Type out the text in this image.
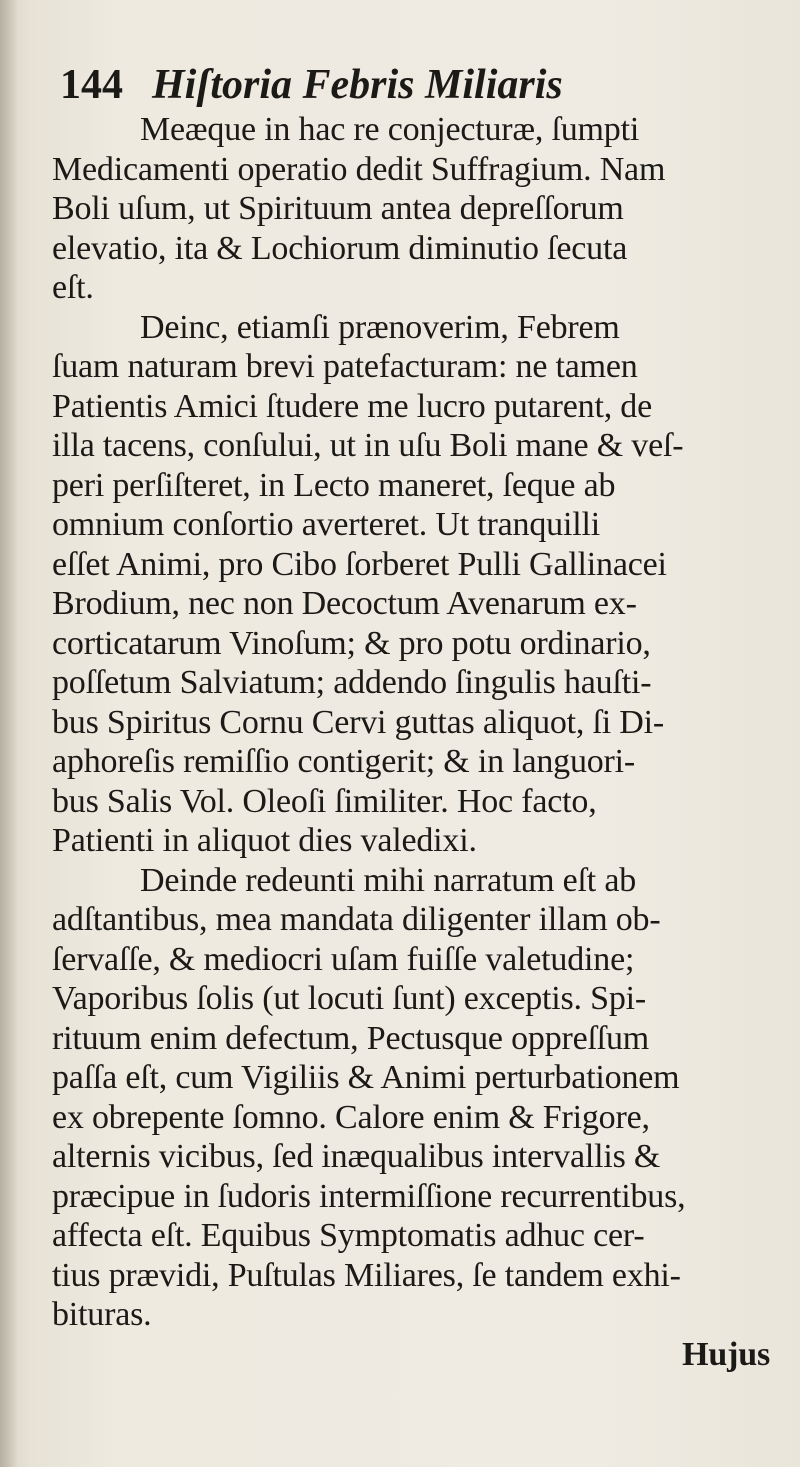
144 Hiſtoria Febris Miliaris
Meæque in hac re conjecturæ, ſumpti
Medicamenti operatio dedit Suffragium. Nam
Boli uſum, ut Spirituum antea depreſſorum
elevatio, ita & Lochiorum diminutio ſecuta
eſt.
Deinc, etiamſi prænoverim, Febrem
ſuam naturam brevi patefacturam: ne tamen
Patientis Amici ſtudere me lucro putarent, de
illa tacens, conſului, ut in uſu Boli mane & veſ-
peri perſiſteret, in Lecto maneret, ſeque ab
omnium conſortio averteret. Ut tranquilli
eſſet Animi, pro Cibo ſorberet Pulli Gallinacei
Brodium, nec non Decoctum Avenarum ex-
corticatarum Vinoſum; & pro potu ordinario,
poſſetum Salviatum; addendo ſingulis hauſti-
bus Spiritus Cornu Cervi guttas aliquot, ſi Di-
aphoreſis remiſſio contigerit; & in languori-
bus Salis Vol. Oleoſi ſimiliter. Hoc facto,
Patienti in aliquot dies valedixi.
Deinde redeunti mihi narratum eſt ab
adſtantibus, mea mandata diligenter illam ob-
ſervaſſe, & mediocri uſam fuiſſe valetudine;
Vaporibus ſolis (ut locuti ſunt) exceptis. Spi-
rituum enim defectum, Pectusque oppreſſum
paſſa eſt, cum Vigiliis & Animi perturbationem
ex obrepente ſomno. Calore enim & Frigore,
alternis vicibus, ſed inæqualibus intervallis &
præcipue in ſudoris intermiſſione recurrentibus,
affecta eſt. Equibus Symptomatis adhuc cer-
tius prævidi, Puſtulas Miliares, ſe tandem exhi-
bituras.
Hujus
